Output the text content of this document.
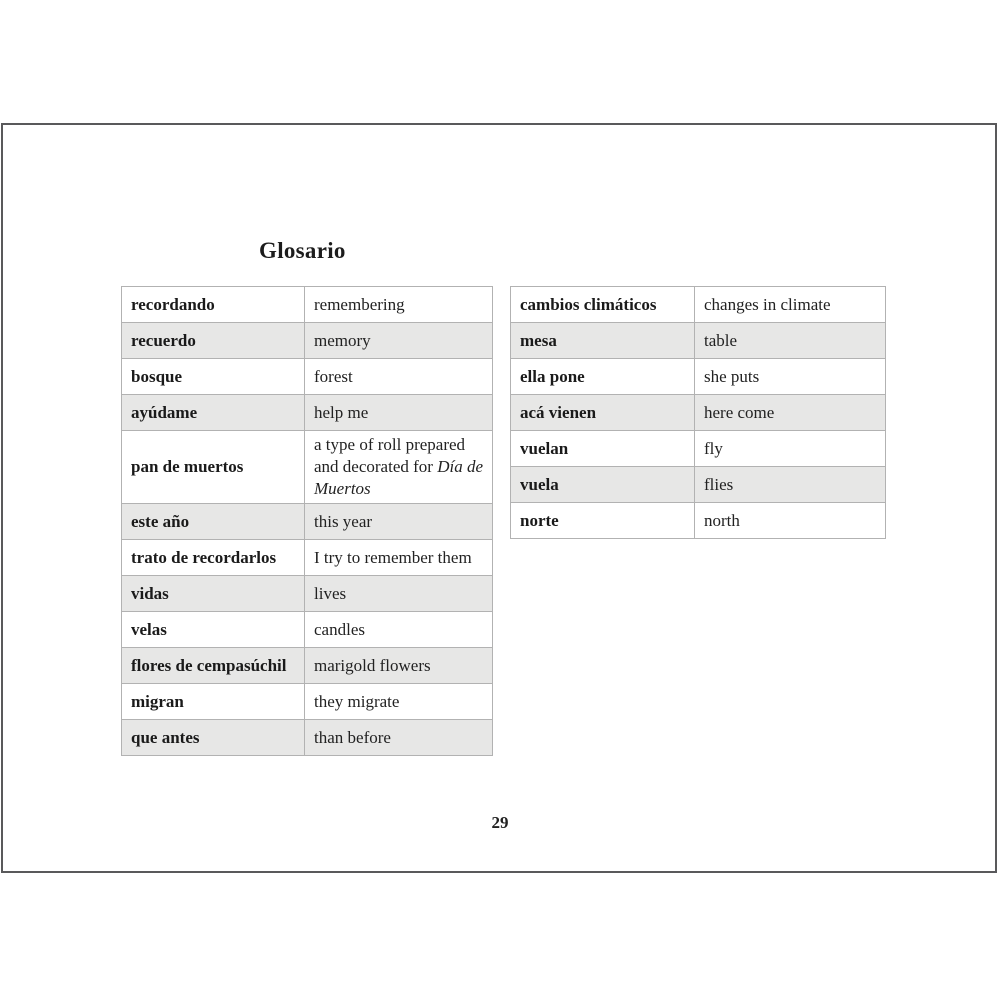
Glosario
recordando	remembering
recuerdo	memory
bosque	forest
ayúdame	help me
pan de muertos	a type of roll prepared and decorated for Día de Muertos
este año	this year
trato de recordarlos	I try to remember them
vidas	lives
velas	candles
flores de cempasúchil	marigold flowers
migran	they migrate
que antes	than before
cambios climáticos	changes in climate
mesa	table
ella pone	she puts
acá vienen	here come
vuelan	fly
vuela	flies
norte	north
29
